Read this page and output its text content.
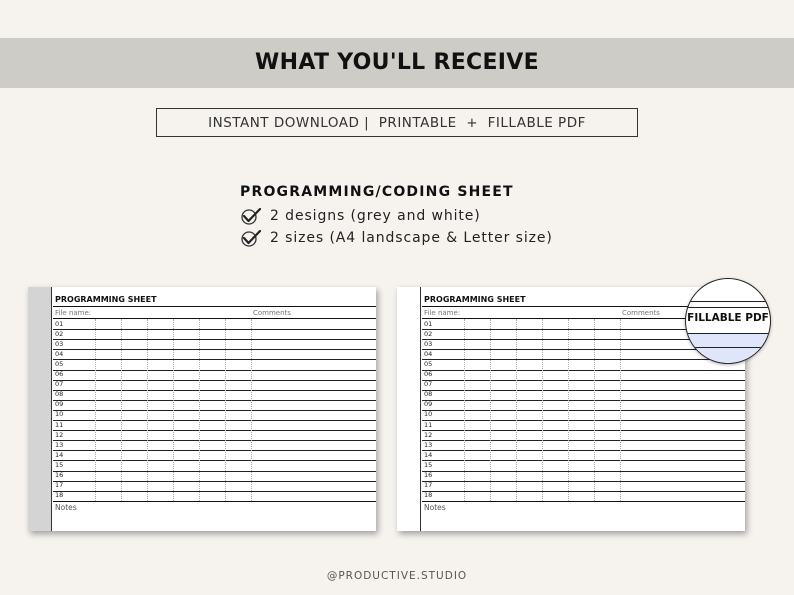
WHAT YOU'LL RECEIVE
INSTANT DOWNLOAD |  PRINTABLE  +  FILLABLE PDF
PROGRAMMING/CODING SHEET
2 designs (grey and white)
2 sizes (A4 landscape & Letter size)
PROGRAMMING SHEET
File name:	Comments
Notes
01
02
03
04
05
06
07
08
09
10
11
12
13
14
15
16
17
18
PROGRAMMING SHEET
File name:	Comments
Notes
01
02
03
04
05
06
07
08
09
10
11
12
13
14
15
16
17
18
FILLABLE PDF
@PRODUCTIVE.STUDIO
